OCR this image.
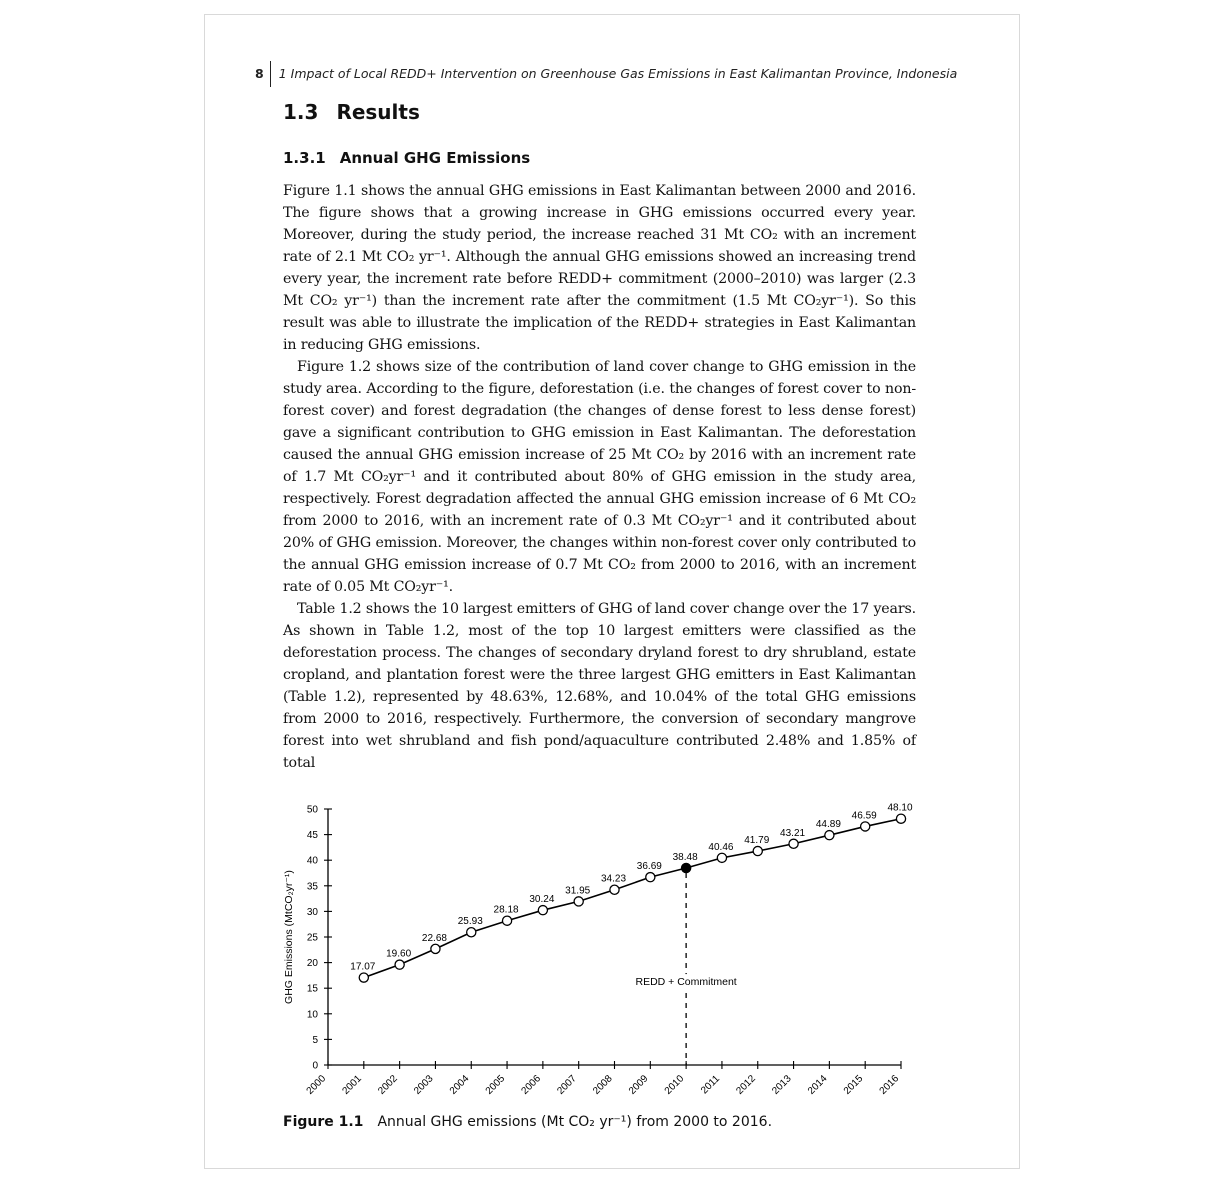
8 1 Impact of Local REDD+ Intervention on Greenhouse Gas Emissions in East Kalimantan Province, Indonesia
1.3 Results
1.3.1 Annual GHG Emissions

Figure 1.1 shows the annual GHG emissions in East Kalimantan between 2000 and 2016. The figure shows that a growing increase in GHG emissions occurred every year. Moreover, during the study period, the increase reached 31 Mt CO₂ with an increment rate of 2.1 Mt CO₂ yr⁻¹. Although the annual GHG emissions showed an increasing trend every year, the increment rate before REDD+ commitment (2000–2010) was larger (2.3 Mt CO₂ yr⁻¹) than the increment rate after the commitment (1.5 Mt CO₂yr⁻¹). So this result was able to illustrate the implication of the REDD+ strategies in East Kalimantan in reducing GHG emissions.

Figure 1.2 shows size of the contribution of land cover change to GHG emission in the study area. According to the figure, deforestation (i.e. the changes of forest cover to non-forest cover) and forest degradation (the changes of dense forest to less dense forest) gave a significant contribution to GHG emission in East Kalimantan. The deforestation caused the annual GHG emission increase of 25 Mt CO₂ by 2016 with an increment rate of 1.7 Mt CO₂yr⁻¹ and it contributed about 80% of GHG emission in the study area, respectively. Forest degradation affected the annual GHG emission increase of 6 Mt CO₂ from 2000 to 2016, with an increment rate of 0.3 Mt CO₂yr⁻¹ and it contributed about 20% of GHG emission. Moreover, the changes within non-forest cover only contributed to the annual GHG emission increase of 0.7 Mt CO₂ from 2000 to 2016, with an increment rate of 0.05 Mt CO₂yr⁻¹.

Table 1.2 shows the 10 largest emitters of GHG of land cover change over the 17 years. As shown in Table 1.2, most of the top 10 largest emitters were classified as the deforestation process. The changes of secondary dryland forest to dry shrubland, estate cropland, and plantation forest were the three largest GHG emitters in East Kalimantan (Table 1.2), represented by 48.63%, 12.68%, and 10.04% of the total GHG emissions from 2000 to 2016, respectively. Furthermore, the conversion of secondary mangrove forest into wet shrubland and fish pond/aquaculture contributed 2.48% and 1.85% of total

0
5
10
15
20
25
30
35
40
45
50
2000 2001 2002 2003 2004 2005 2006 2007 2008 2009 2010 2011 2012 2013 2014 2015 2016
GHG Emissions (MtCO₂yr⁻¹)	REDD + Commitment
17.07
19.60
22.68
25.93
28.18
30.24
31.95
34.23
36.69
38.48
40.46
41.79
43.21
44.89
46.59
48.10
Figure 1.1 Annual GHG emissions (Mt CO₂ yr⁻¹) from 2000 to 2016.
